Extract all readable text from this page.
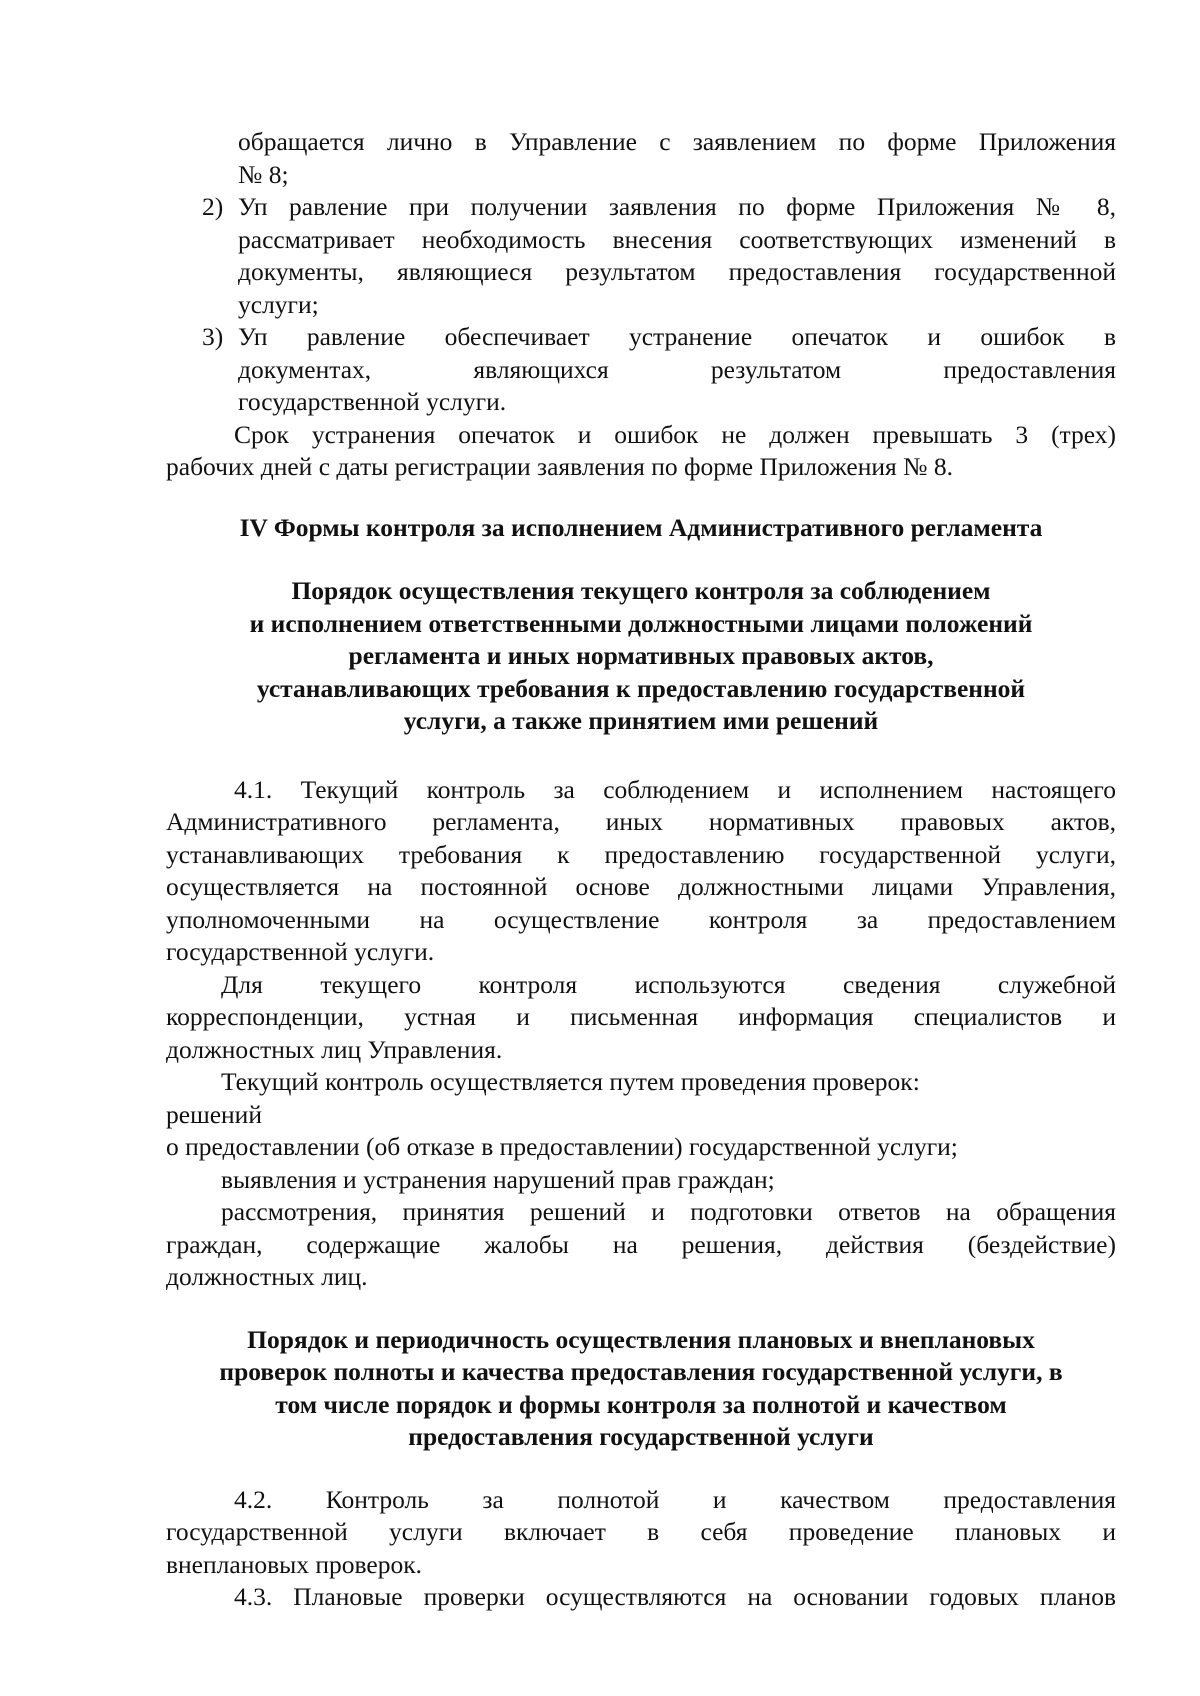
обращается лично в Управление с заявлением по форме Приложения
№ 8;
2) Уп равление при получении заявления по форме Приложения № 8,
рассматривает необходимость внесения соответствующих изменений в
документы, являющиеся результатом предоставления государственной
услуги;
3) Уп равление обеспечивает устранение опечаток и ошибок в
документах, являющихся результатом предоставления
государственной услуги.
Срок устранения опечаток и ошибок не должен превышать 3 (трех)
рабочих дней с даты регистрации заявления по форме Приложения № 8.
IV Формы контроля за исполнением Административного регламента
Порядок осуществления текущего контроля за соблюдением
и исполнением ответственными должностными лицами положений
регламента и иных нормативных правовых актов,
устанавливающих требования к предоставлению государственной
услуги, а также принятием ими решений
4.1. Текущий контроль за соблюдением и исполнением настоящего
Административного регламента, иных нормативных правовых актов,
устанавливающих требования к предоставлению государственной услуги,
осуществляется на постоянной основе должностными лицами Управления,
уполномоченными на осуществление контроля за предоставлением
государственной услуги.
Для текущего контроля используются сведения служебной
корреспонденции, устная и письменная информация специалистов и
должностных лиц Управления.
Текущий контроль осуществляется путем проведения проверок:
решений
о предоставлении (об отказе в предоставлении) государственной услуги;
выявления и устранения нарушений прав граждан;
рассмотрения, принятия решений и подготовки ответов на обращения
граждан, содержащие жалобы на решения, действия (бездействие)
должностных лиц.
Порядок и периодичность осуществления плановых и внеплановых
проверок полноты и качества предоставления государственной услуги, в
том числе порядок и формы контроля за полнотой и качеством
предоставления государственной услуги
4.2. Контроль за полнотой и качеством предоставления
государственной услуги включает в себя проведение плановых и
внеплановых проверок.
4.3. Плановые проверки осуществляются на основании годовых планов
